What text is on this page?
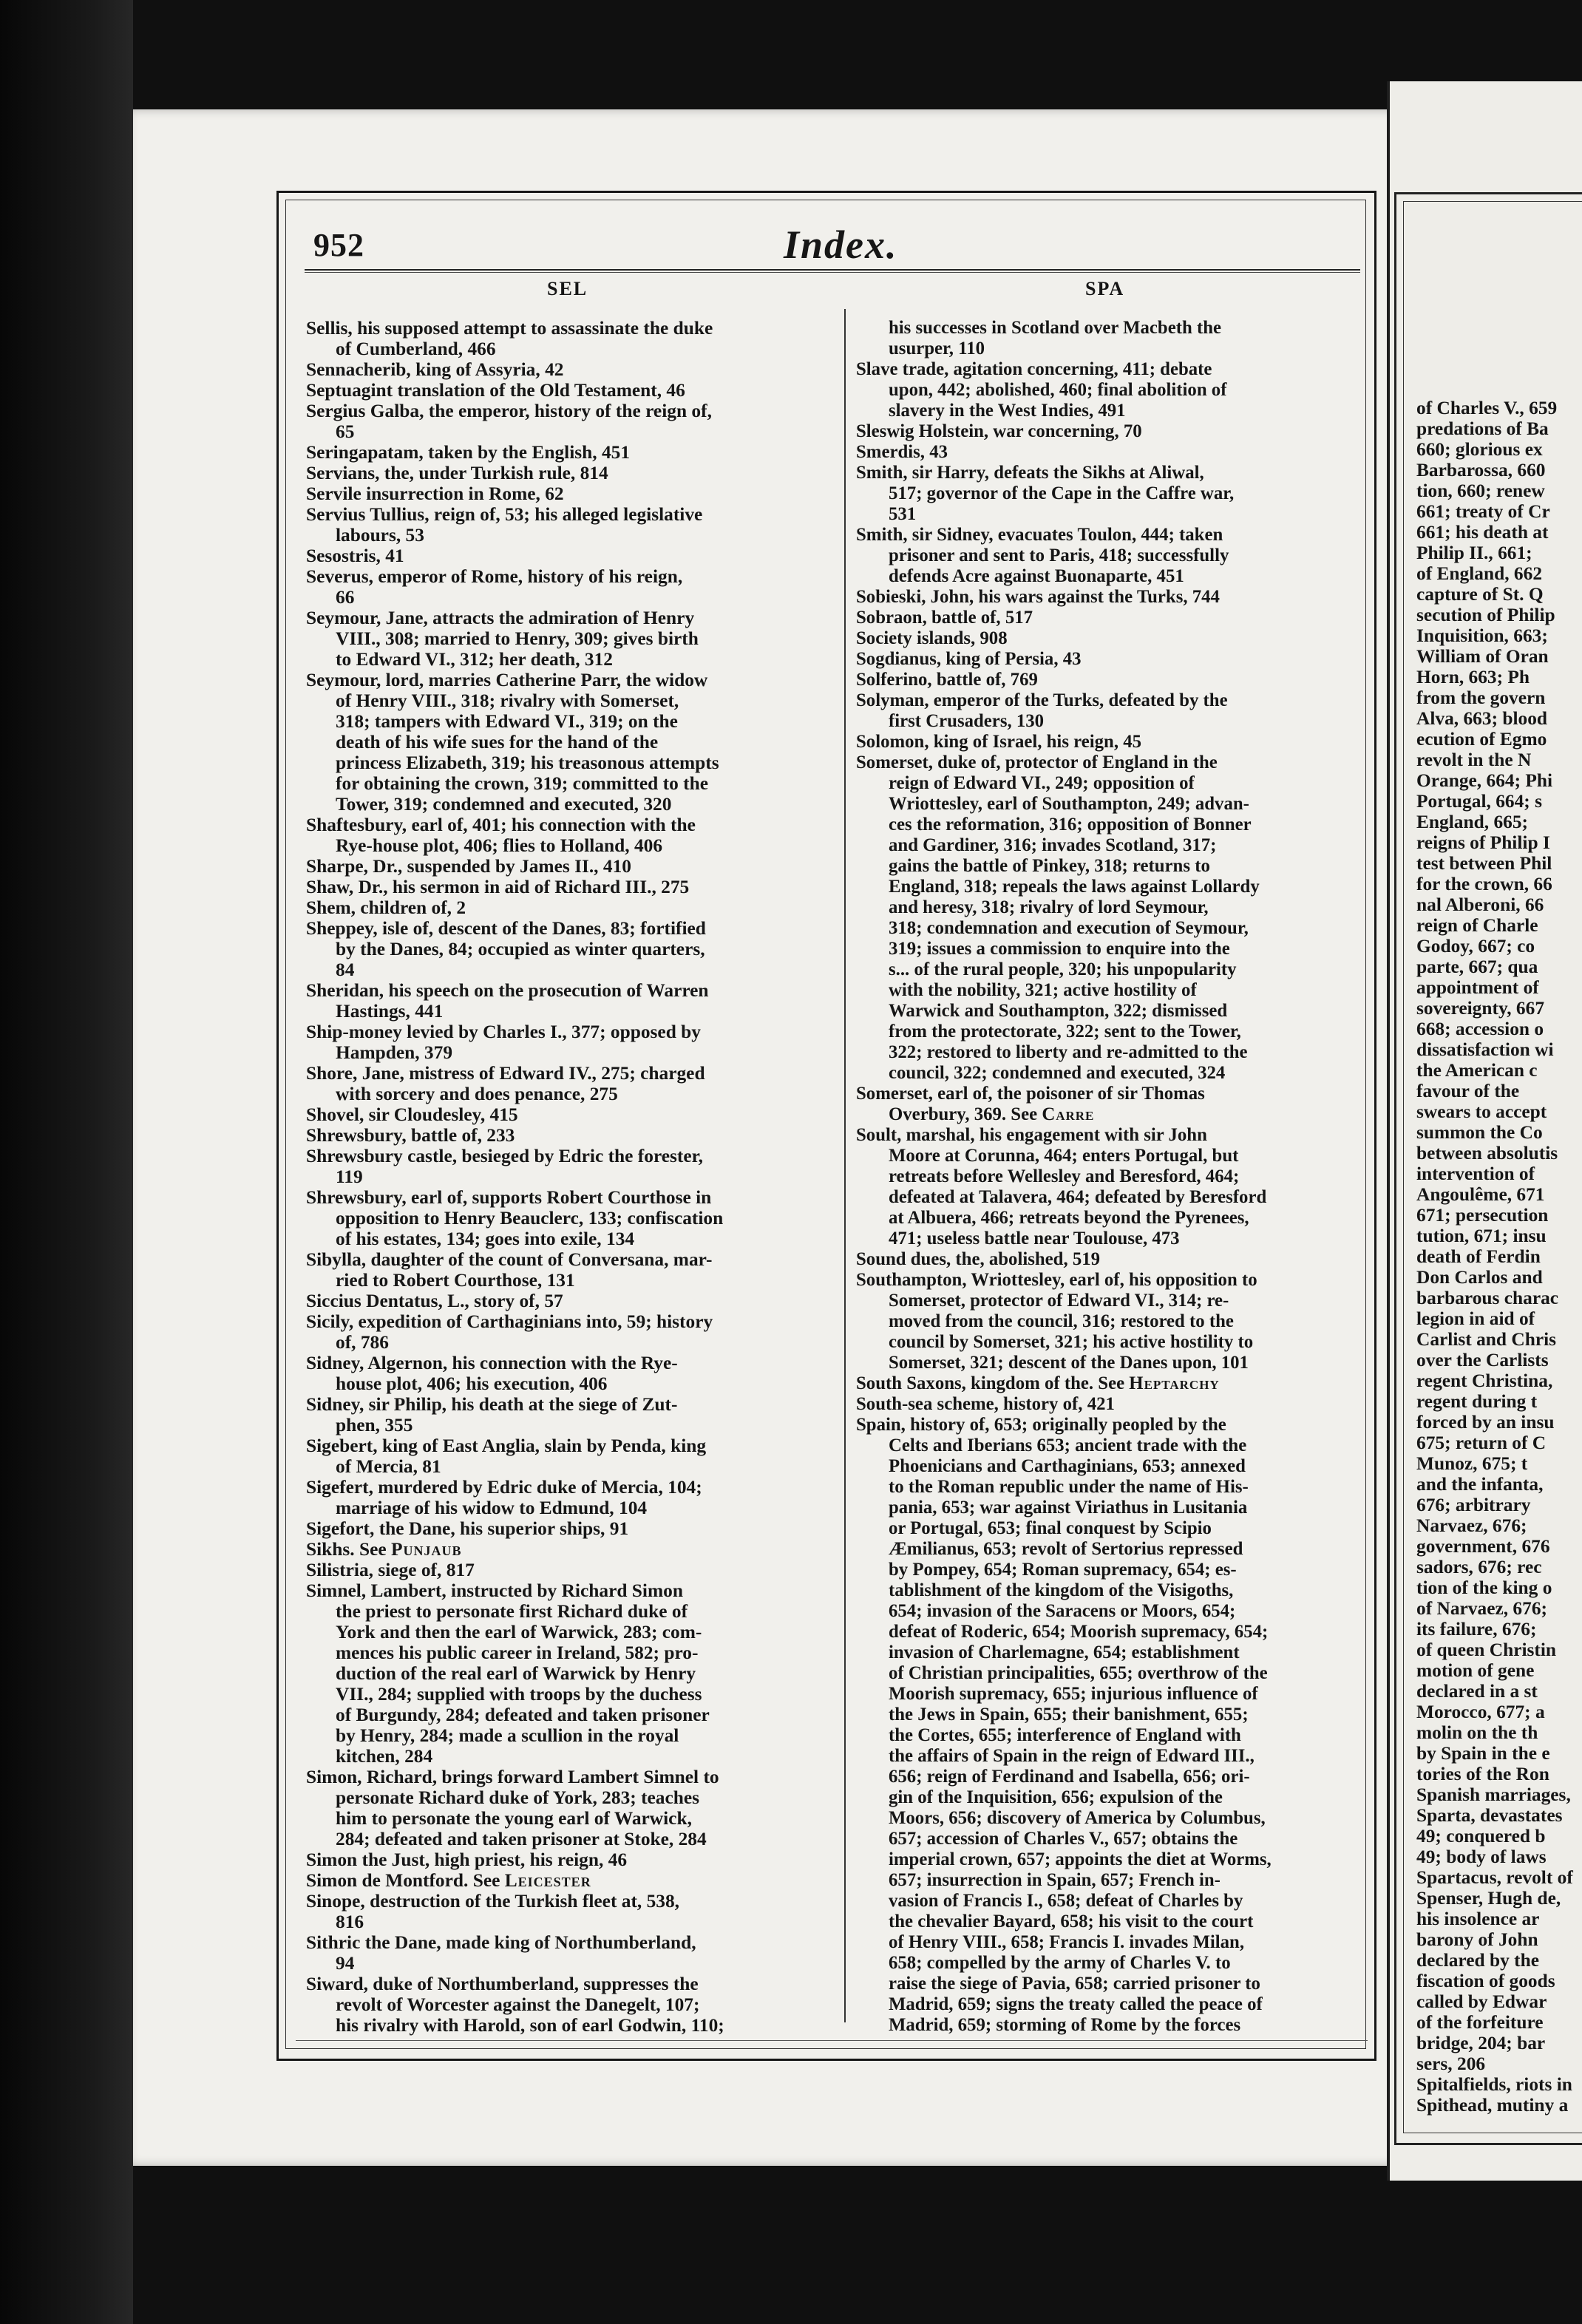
of Charles V., 659
predations of Ba
660; glorious ex
Barbarossa, 660
tion, 660; renew
661; treaty of Cr
661; his death at
Philip II., 661;
of England, 662
capture of St. Q
secution of Philip
Inquisition, 663;
William of Oran
Horn, 663; Ph
from the govern
Alva, 663; blood
ecution of Egmo
revolt in the N
Orange, 664; Phi
Portugal, 664; s
England, 665;
reigns of Philip I
test between Phil
for the crown, 66
nal Alberoni, 66
reign of Charle
Godoy, 667; co
parte, 667; qua
appointment of
sovereignty, 667
668; accession o
dissatisfaction wi
the American c
favour of the
swears to accept
summon the Co
between absolutis
intervention of
Angoulême, 671
671; persecution
tution, 671; insu
death of Ferdin
Don Carlos and
barbarous charac
legion in aid of
Carlist and Chris
over the Carlists
regent Christina,
regent during t
forced by an insu
675; return of C
Munoz, 675; t
and the infanta,
676; arbitrary
Narvaez, 676;
government, 676
sadors, 676; rec
tion of the king o
of Narvaez, 676;
its failure, 676;
of queen Christin
motion of gene
declared in a st
Morocco, 677; a
molin on the th
by Spain in the e
tories of the Ron
Spanish marriages,
Sparta, devastates
49; conquered b
49; body of laws
Spartacus, revolt of
Spenser, Hugh de,
his insolence ar
barony of John
declared by the
fiscation of goods
called by Edwar
of the forfeiture
bridge, 204; bar
sers, 206
Spitalfields, riots in
Spithead, mutiny a
952	Index.
SEL	SPA
Sellis, his supposed attempt to assassinate the duke
of Cumberland, 466
Sennacherib, king of Assyria, 42
Septuagint translation of the Old Testament, 46
Sergius Galba, the emperor, history of the reign of,
65
Seringapatam, taken by the English, 451
Servians, the, under Turkish rule, 814
Servile insurrection in Rome, 62
Servius Tullius, reign of, 53; his alleged legislative
labours, 53
Sesostris, 41
Severus, emperor of Rome, history of his reign,
66
Seymour, Jane, attracts the admiration of Henry
VIII., 308; married to Henry, 309; gives birth
to Edward VI., 312; her death, 312
Seymour, lord, marries Catherine Parr, the widow
of Henry VIII., 318; rivalry with Somerset,
318; tampers with Edward VI., 319; on the
death of his wife sues for the hand of the
princess Elizabeth, 319; his treasonous attempts
for obtaining the crown, 319; committed to the
Tower, 319; condemned and executed, 320
Shaftesbury, earl of, 401; his connection with the
Rye-house plot, 406; flies to Holland, 406
Sharpe, Dr., suspended by James II., 410
Shaw, Dr., his sermon in aid of Richard III., 275
Shem, children of, 2
Sheppey, isle of, descent of the Danes, 83; fortified
by the Danes, 84; occupied as winter quarters,
84
Sheridan, his speech on the prosecution of Warren
Hastings, 441
Ship-money levied by Charles I., 377; opposed by
Hampden, 379
Shore, Jane, mistress of Edward IV., 275; charged
with sorcery and does penance, 275
Shovel, sir Cloudesley, 415
Shrewsbury, battle of, 233
Shrewsbury castle, besieged by Edric the forester,
119
Shrewsbury, earl of, supports Robert Courthose in
opposition to Henry Beauclerc, 133; confiscation
of his estates, 134; goes into exile, 134
Sibylla, daughter of the count of Conversana, mar-
ried to Robert Courthose, 131
Siccius Dentatus, L., story of, 57
Sicily, expedition of Carthaginians into, 59; history
of, 786
Sidney, Algernon, his connection with the Rye-
house plot, 406; his execution, 406
Sidney, sir Philip, his death at the siege of Zut-
phen, 355
Sigebert, king of East Anglia, slain by Penda, king
of Mercia, 81
Sigefert, murdered by Edric duke of Mercia, 104;
marriage of his widow to Edmund, 104
Sigefort, the Dane, his superior ships, 91
Sikhs. See Punjaub
Silistria, siege of, 817
Simnel, Lambert, instructed by Richard Simon
the priest to personate first Richard duke of
York and then the earl of Warwick, 283; com-
mences his public career in Ireland, 582; pro-
duction of the real earl of Warwick by Henry
VII., 284; supplied with troops by the duchess
of Burgundy, 284; defeated and taken prisoner
by Henry, 284; made a scullion in the royal
kitchen, 284
Simon, Richard, brings forward Lambert Simnel to
personate Richard duke of York, 283; teaches
him to personate the young earl of Warwick,
284; defeated and taken prisoner at Stoke, 284
Simon the Just, high priest, his reign, 46
Simon de Montford. See Leicester
Sinope, destruction of the Turkish fleet at, 538,
816
Sithric the Dane, made king of Northumberland,
94
Siward, duke of Northumberland, suppresses the
revolt of Worcester against the Danegelt, 107;
his rivalry with Harold, son of earl Godwin, 110;
his successes in Scotland over Macbeth the
usurper, 110
Slave trade, agitation concerning, 411; debate
upon, 442; abolished, 460; final abolition of
slavery in the West Indies, 491
Sleswig Holstein, war concerning, 70
Smerdis, 43
Smith, sir Harry, defeats the Sikhs at Aliwal,
517; governor of the Cape in the Caffre war,
531
Smith, sir Sidney, evacuates Toulon, 444; taken
prisoner and sent to Paris, 418; successfully
defends Acre against Buonaparte, 451
Sobieski, John, his wars against the Turks, 744
Sobraon, battle of, 517
Society islands, 908
Sogdianus, king of Persia, 43
Solferino, battle of, 769
Solyman, emperor of the Turks, defeated by the
first Crusaders, 130
Solomon, king of Israel, his reign, 45
Somerset, duke of, protector of England in the
reign of Edward VI., 249; opposition of
Wriottesley, earl of Southampton, 249; advan-
ces the reformation, 316; opposition of Bonner
and Gardiner, 316; invades Scotland, 317;
gains the battle of Pinkey, 318; returns to
England, 318; repeals the laws against Lollardy
and heresy, 318; rivalry of lord Seymour,
318; condemnation and execution of Seymour,
319; issues a commission to enquire into the
s... of the rural people, 320; his unpopularity
with the nobility, 321; active hostility of
Warwick and Southampton, 322; dismissed
from the protectorate, 322; sent to the Tower,
322; restored to liberty and re-admitted to the
council, 322; condemned and executed, 324
Somerset, earl of, the poisoner of sir Thomas
Overbury, 369. See Carre
Soult, marshal, his engagement with sir John
Moore at Corunna, 464; enters Portugal, but
retreats before Wellesley and Beresford, 464;
defeated at Talavera, 464; defeated by Beresford
at Albuera, 466; retreats beyond the Pyrenees,
471; useless battle near Toulouse, 473
Sound dues, the, abolished, 519
Southampton, Wriottesley, earl of, his opposition to
Somerset, protector of Edward VI., 314; re-
moved from the council, 316; restored to the
council by Somerset, 321; his active hostility to
Somerset, 321; descent of the Danes upon, 101
South Saxons, kingdom of the. See Heptarchy
South-sea scheme, history of, 421
Spain, history of, 653; originally peopled by the
Celts and Iberians 653; ancient trade with the
Phoenicians and Carthaginians, 653; annexed
to the Roman republic under the name of His-
pania, 653; war against Viriathus in Lusitania
or Portugal, 653; final conquest by Scipio
Æmilianus, 653; revolt of Sertorius repressed
by Pompey, 654; Roman supremacy, 654; es-
tablishment of the kingdom of the Visigoths,
654; invasion of the Saracens or Moors, 654;
defeat of Roderic, 654; Moorish supremacy, 654;
invasion of Charlemagne, 654; establishment
of Christian principalities, 655; overthrow of the
Moorish supremacy, 655; injurious influence of
the Jews in Spain, 655; their banishment, 655;
the Cortes, 655; interference of England with
the affairs of Spain in the reign of Edward III.,
656; reign of Ferdinand and Isabella, 656; ori-
gin of the Inquisition, 656; expulsion of the
Moors, 656; discovery of America by Columbus,
657; accession of Charles V., 657; obtains the
imperial crown, 657; appoints the diet at Worms,
657; insurrection in Spain, 657; French in-
vasion of Francis I., 658; defeat of Charles by
the chevalier Bayard, 658; his visit to the court
of Henry VIII., 658; Francis I. invades Milan,
658; compelled by the army of Charles V. to
raise the siege of Pavia, 658; carried prisoner to
Madrid, 659; signs the treaty called the peace of
Madrid, 659; storming of Rome by the forces
